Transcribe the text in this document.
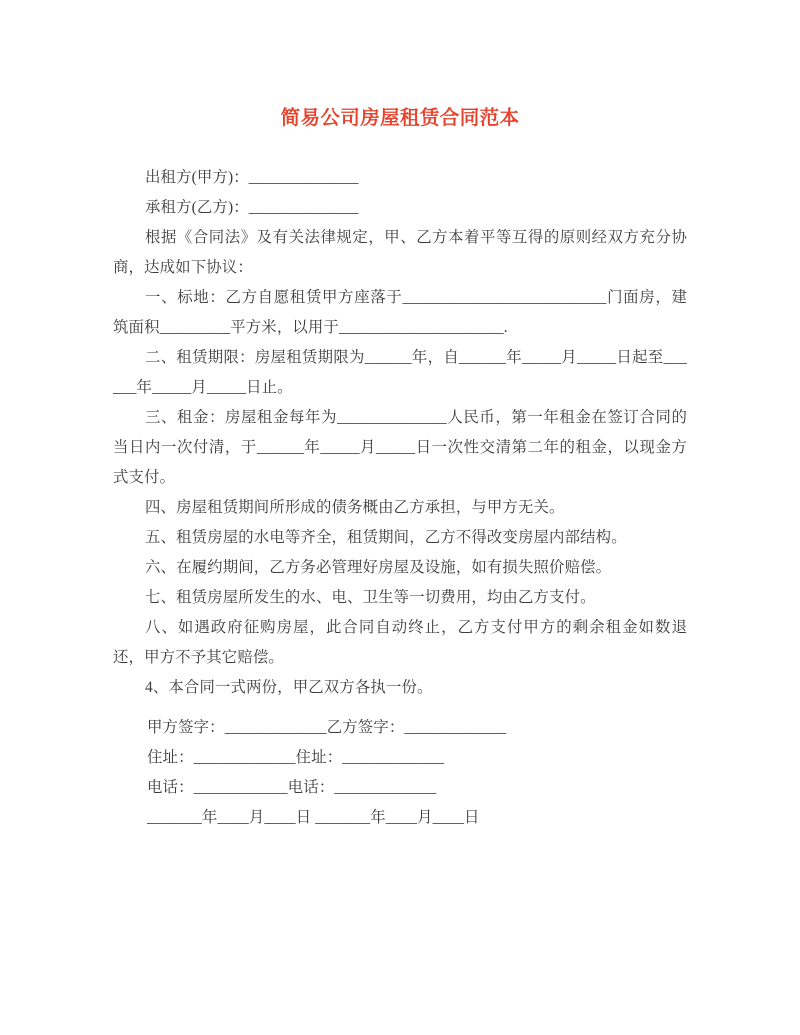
简易公司房屋租赁合同范本

出租方(甲方)：______________

承租方(乙方)：______________

根据《合同法》及有关法律规定，甲、乙方本着平等互得的原则经双方充分协商，达成如下协议：

一、标地：乙方自愿租赁甲方座落于__________________________门面房，建筑面积_________平方米，以用于_____________________.

二、租赁期限：房屋租赁期限为______年，自______年_____月_____日起至______年_____月_____日止。

三、租金：房屋租金每年为______________人民币，第一年租金在签订合同的当日内一次付清，于______年_____月_____日一次性交清第二年的租金，以现金方式支付。

四、房屋租赁期间所形成的债务概由乙方承担，与甲方无关。

五、租赁房屋的水电等齐全，租赁期间，乙方不得改变房屋内部结构。

六、在履约期间，乙方务必管理好房屋及设施，如有损失照价赔偿。

七、租赁房屋所发生的水、电、卫生等一切费用，均由乙方支付。

八、如遇政府征购房屋，此合同自动终止，乙方支付甲方的剩余租金如数退还，甲方不予其它赔偿。

4、本合同一式两份，甲乙双方各执一份。

甲方签字：_____________乙方签字：_____________

住址：_____________住址：_____________

电话：____________电话：_____________

_______年____月____日 _______年____月____日
